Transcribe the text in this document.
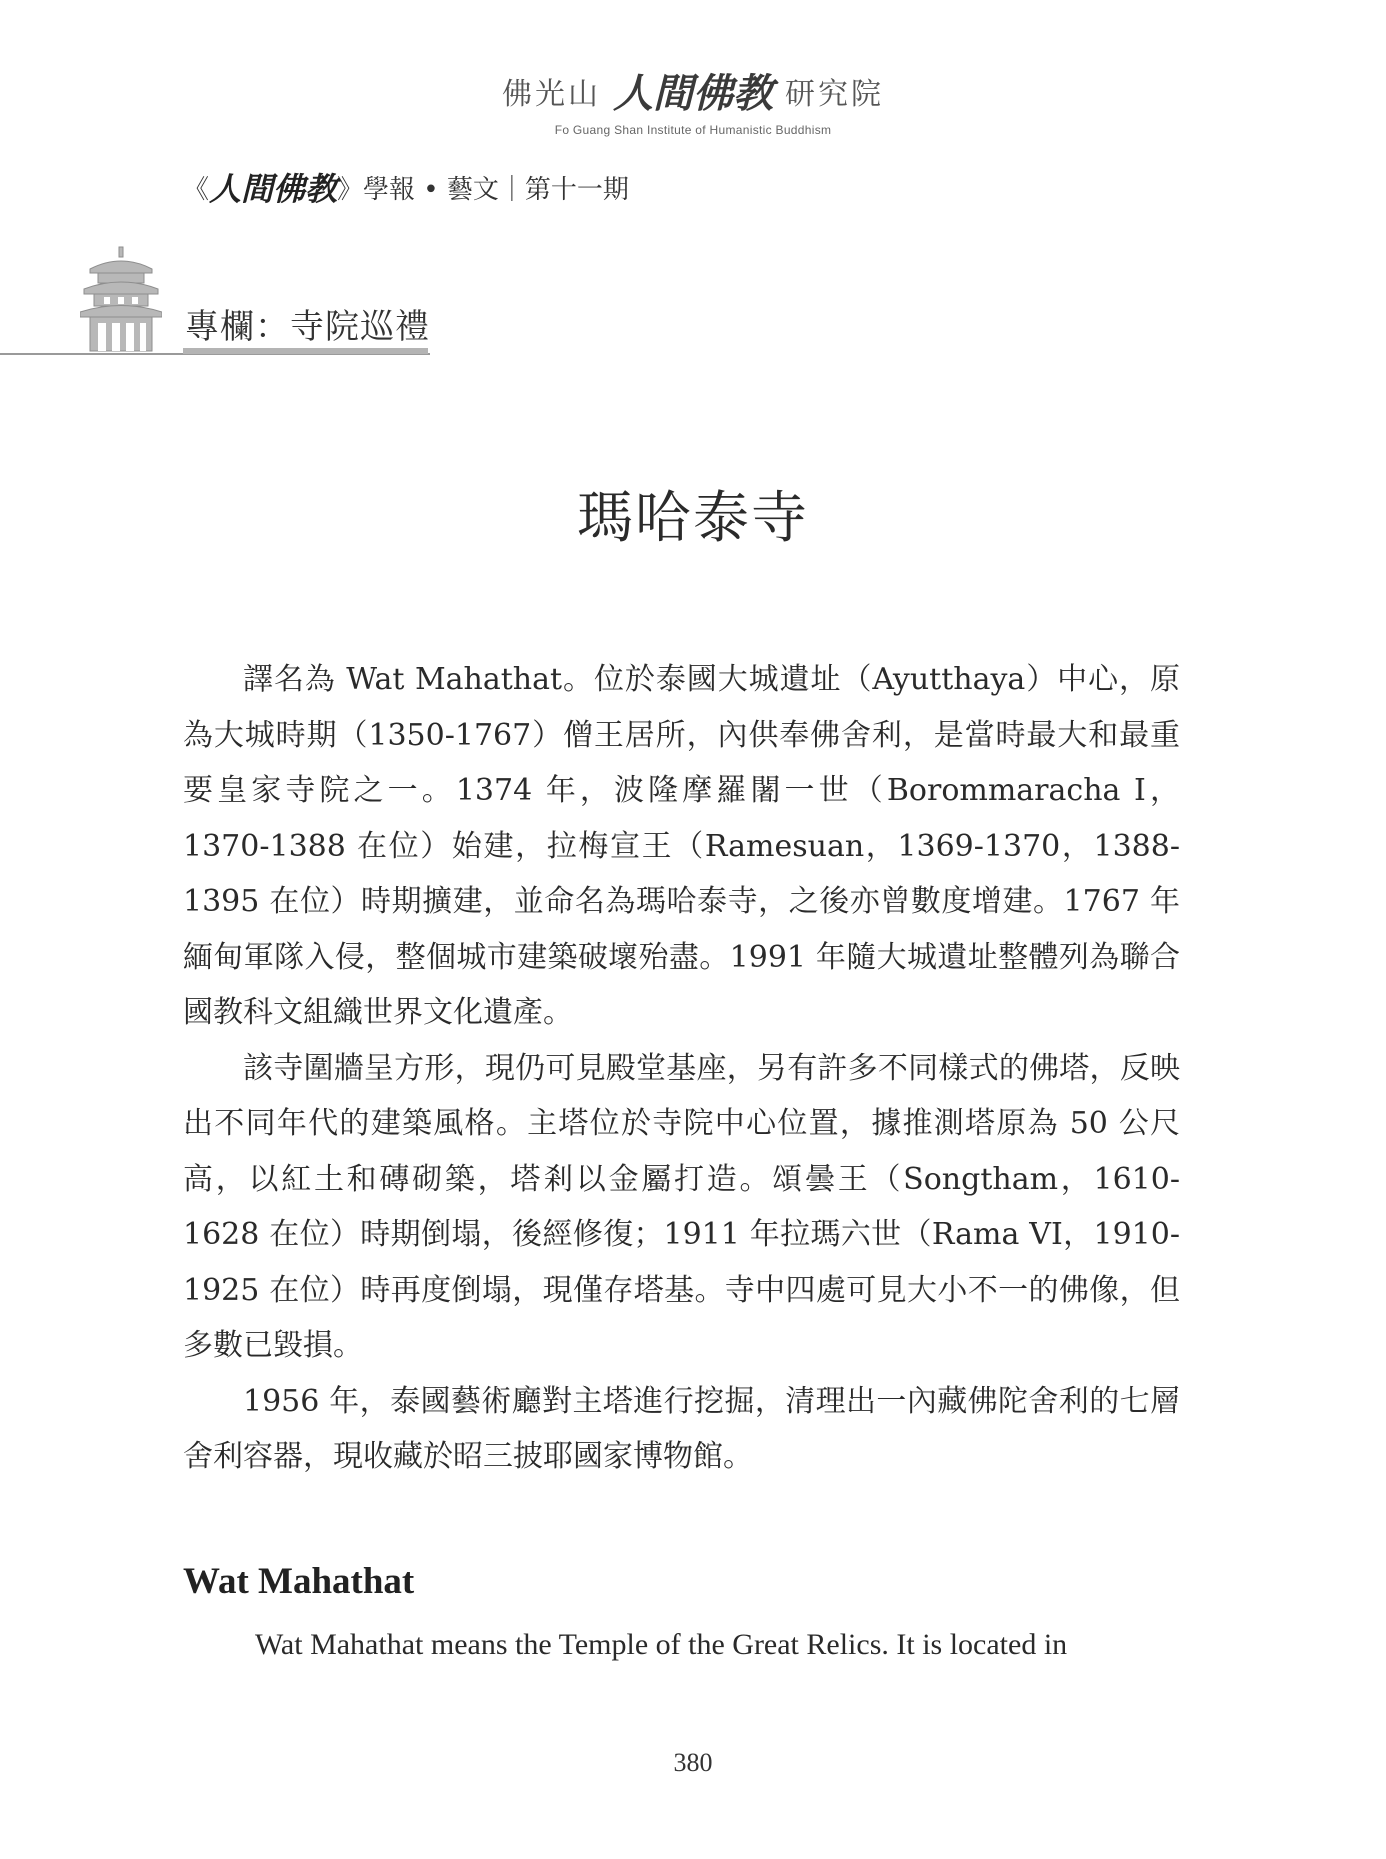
佛光山 人間佛教 研究院
Fo Guang Shan Institute of Humanistic Buddhism
《 人間佛教 》 學報 • 藝文｜第十一期
專欄：寺院巡禮
瑪哈泰寺

譯名為 Wat Mahathat。位於泰國大城遺址（Ayutthaya）中心，原為大城時期（1350-1767）僧王居所，內供奉佛舍利，是當時最大和最重要皇家寺院之一。1374 年，波隆摩羅闍一世（Borommaracha I，1370-1388 在位）始建，拉梅宣王（Ramesuan，1369-1370，1388-1395 在位）時期擴建，並命名為瑪哈泰寺，之後亦曾數度增建。1767 年緬甸軍隊入侵，整個城市建築破壞殆盡。1991 年隨大城遺址整體列為聯合國教科文組織世界文化遺產。

該寺圍牆呈方形，現仍可見殿堂基座，另有許多不同樣式的佛塔，反映出不同年代的建築風格。主塔位於寺院中心位置，據推測塔原為 50 公尺高，以紅土和磚砌築，塔剎以金屬打造。頌曇王（Songtham，1610-1628 在位）時期倒塌，後經修復；1911 年拉瑪六世（Rama VI，1910-1925 在位）時再度倒塌，現僅存塔基。寺中四處可見大小不一的佛像，但多數已毀損。

1956 年，泰國藝術廳對主塔進行挖掘，清理出一內藏佛陀舍利的七層舍利容器，現收藏於昭三披耶國家博物館。

Wat Mahathat

Wat Mahathat means the Temple of the Great Relics. It is located in

380
